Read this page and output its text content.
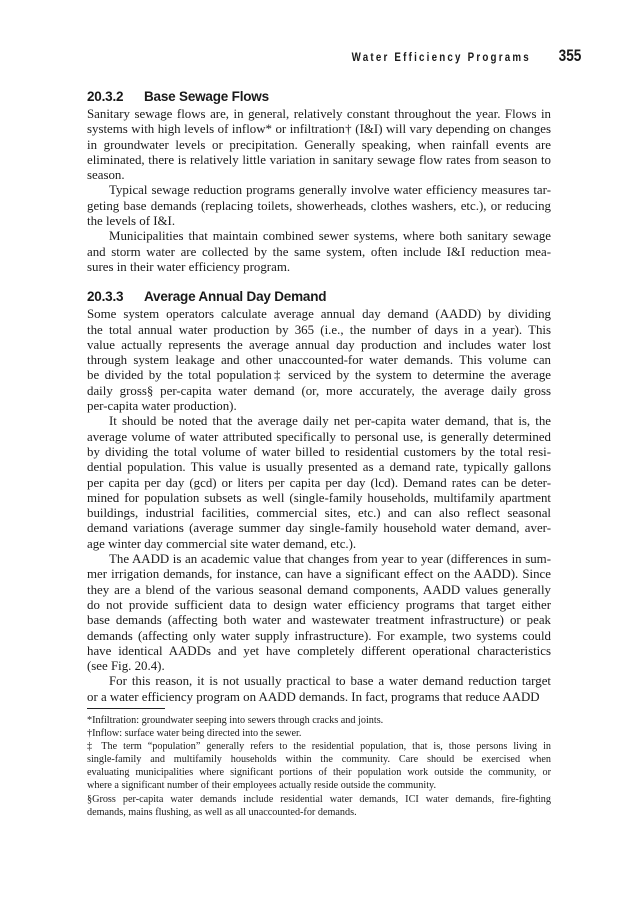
Water Efficiency Programs 355
20.3.2 Base Sewage Flows
Sanitary sewage flows are, in general, relatively constant throughout the year. Flows in
systems with high levels of inflow* or infiltration† (I&I) will vary depending on changes
in groundwater levels or precipitation. Generally speaking, when rainfall events are
eliminated, there is relatively little variation in sanitary sewage flow rates from season to
season.
Typical sewage reduction programs generally involve water efficiency measures tar-
geting base demands (replacing toilets, showerheads, clothes washers, etc.), or reducing
the levels of I&I.
Municipalities that maintain combined sewer systems, where both sanitary sewage
and storm water are collected by the same system, often include I&I reduction mea-
sures in their water efficiency program.
20.3.3 Average Annual Day Demand
Some system operators calculate average annual day demand (AADD) by dividing
the total annual water production by 365 (i.e., the number of days in a year). This
value actually represents the average annual day production and includes water lost
through system leakage and other unaccounted-for water demands. This volume can
be divided by the total population‡ serviced by the system to determine the average
daily gross§ per-capita water demand (or, more accurately, the average daily gross
per-capita water production).
It should be noted that the average daily net per-capita water demand, that is, the
average volume of water attributed specifically to personal use, is generally determined
by dividing the total volume of water billed to residential customers by the total resi-
dential population. This value is usually presented as a demand rate, typically gallons
per capita per day (gcd) or liters per capita per day (lcd). Demand rates can be deter-
mined for population subsets as well (single-family households, multifamily apartment
buildings, industrial facilities, commercial sites, etc.) and can also reflect seasonal
demand variations (average summer day single-family household water demand, aver-
age winter day commercial site water demand, etc.).
The AADD is an academic value that changes from year to year (differences in sum-
mer irrigation demands, for instance, can have a significant effect on the AADD). Since
they are a blend of the various seasonal demand components, AADD values generally
do not provide sufficient data to design water efficiency programs that target either
base demands (affecting both water and wastewater treatment infrastructure) or peak
demands (affecting only water supply infrastructure). For example, two systems could
have identical AADDs and yet have completely different operational characteristics
(see Fig. 20.4).
For this reason, it is not usually practical to base a water demand reduction target
or a water efficiency program on AADD demands. In fact, programs that reduce AADD
*Infiltration: groundwater seeping into sewers through cracks and joints.
†Inflow: surface water being directed into the sewer.
‡ The term “population” generally refers to the residential population, that is, those persons living in
single-family and multifamily households within the community. Care should be exercised when
evaluating municipalities where significant portions of their population work outside the community, or
where a significant number of their employees actually reside outside the community.
§Gross per-capita water demands include residential water demands, ICI water demands, fire-fighting
demands, mains flushing, as well as all unaccounted-for demands.
